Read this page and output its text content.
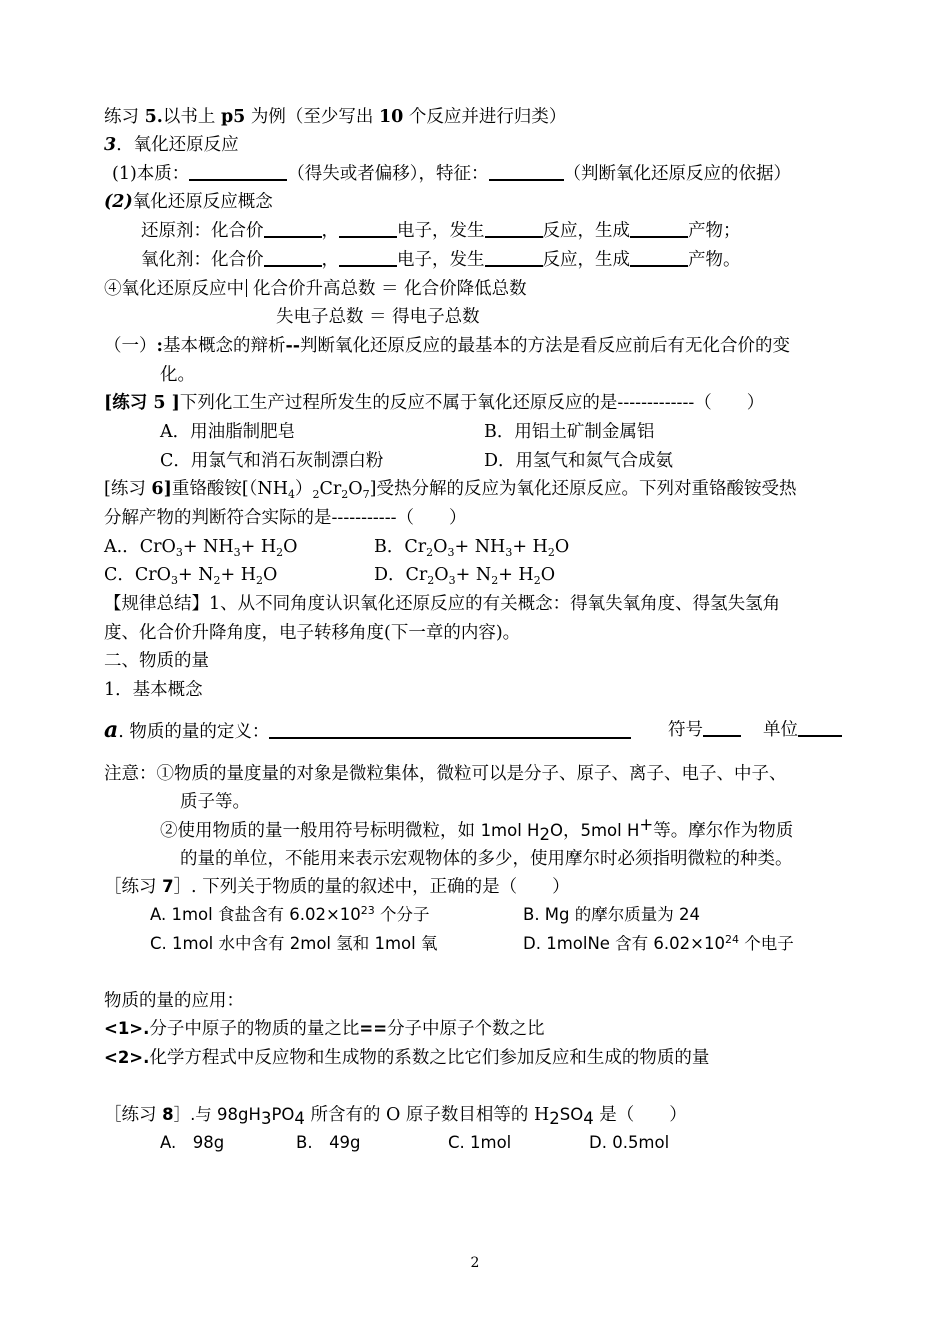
练习 5.以书上 p5 为例（至少写出 10 个反应并进行归类）
3．氧化还原反应
(1)本质：	（得失或者偏移），特征：	（判断氧化还原反应的依据）
(2)氧化还原反应概念
还原剂：化合价	，	电子，发生	反应，生成	产物；
氧化剂：化合价	，	电子，发生	反应，生成	产物。
④氧化还原反应中 化合价升高总数 ＝ 化合价降低总数
失电子总数 ＝ 得电子总数
（一）:基本概念的辩析--判断氧化还原反应的最基本的方法是看反应前后有无化合价的变
化。
[练习 5 ]下列化工生产过程所发生的反应不属于氧化还原反应的是-------------（　　）
A．用油脂制肥皂	B．用铝土矿制金属铝
C．用氯气和消石灰制漂白粉	D．用氢气和氮气合成氨
[练习 6]重铬酸铵$[(NH_4)_2Cr_2O_7]$受热分解的反应为氧化还原反应。下列对重铬酸铵受热
分解产物的判断符合实际的是-----------（　　）
A.．$CrO_3+ NH_3+ H_2O$	B．$Cr_2O_3+ NH_3+ H_2O$
C．$CrO_3+ N_2+ H_2O$	D．$Cr_2O_3+ N_2+ H_2O$
【规律总结】1、从不同角度认识氧化还原反应的有关概念：得氧失氧角度、得氢失氢角
度、化合价升降角度，电子转移角度(下一章的内容)。
二、物质的量
1．基本概念
a. 物质的量的定义：	符号	单位
注意：①物质的量度量的对象是微粒集体，微粒可以是分子、原子、离子、电子、中子、
质子等。
②使用物质的量一般用符号标明微粒，如 1mol $H_2O$，5mol H+等。摩尔作为物质
的量的单位，不能用来表示宏观物体的多少，使用摩尔时必须指明微粒的种类。
［练习 7］. 下列关于物质的量的叙述中，正确的是（　　）
A. 1mol 食盐含有 $6.02\times 10^{23}$ 个分子	B. Mg 的摩尔质量为 24
C. 1mol 水中含有 2mol 氢和 1mol 氧	D. 1molNe 含有 $6.02\times 10^{24}$ 个电子
物质的量的应用：
<1>.分子中原子的物质的量之比==分子中原子个数之比
<2>.化学方程式中反应物和生成物的系数之比它们参加反应和生成的物质的量
［练习 8］.与 $98gH_3PO_4$ 所含有的 O 原子数目相等的 $H_2SO_4$ 是（　　）
A.　98g	B.　49g	C. 1mol	D. 0.5mol
2
